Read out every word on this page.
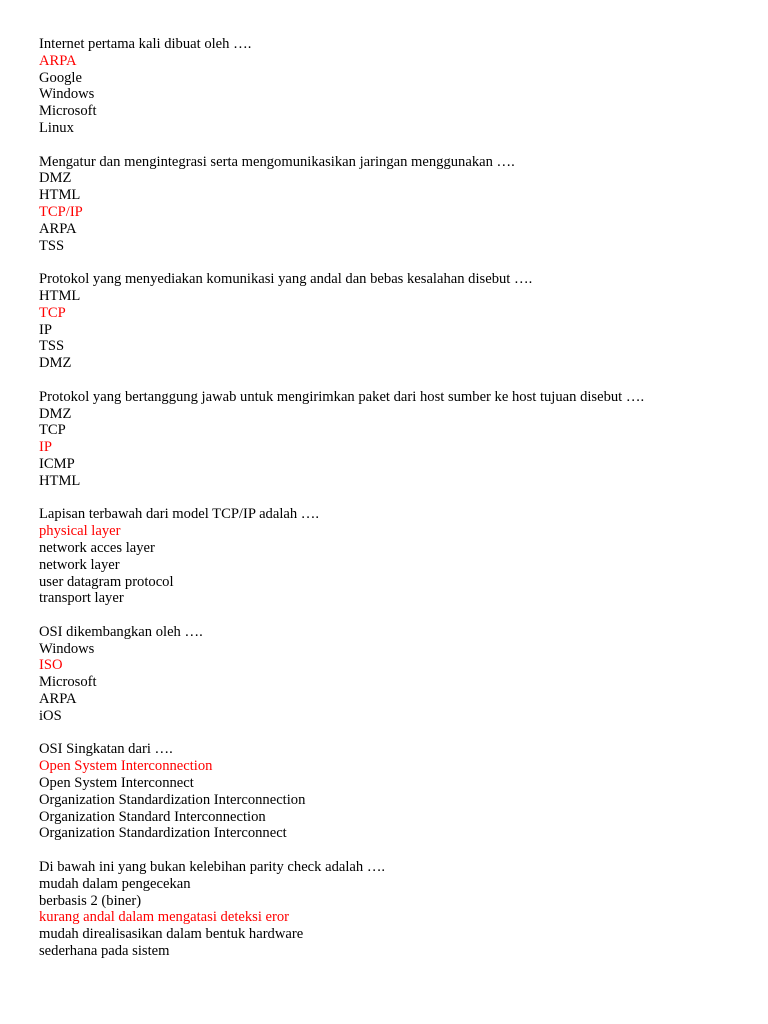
Internet pertama kali dibuat oleh ….
ARPA
Google
Windows
Microsoft
Linux
Mengatur dan mengintegrasi serta mengomunikasikan jaringan menggunakan ….
DMZ
HTML
TCP/IP
ARPA
TSS
Protokol yang menyediakan komunikasi yang andal dan bebas kesalahan disebut ….
HTML
TCP
IP
TSS
DMZ
Protokol yang bertanggung jawab untuk mengirimkan paket dari host sumber ke host tujuan disebut ….
DMZ
TCP
IP
ICMP
HTML
Lapisan terbawah dari model TCP/IP adalah ….
physical layer
network acces layer
network layer
user datagram protocol
transport layer
OSI dikembangkan oleh ….
Windows
ISO
Microsoft
ARPA
iOS
OSI Singkatan dari ….
Open System Interconnection
Open System Interconnect
Organization Standardization Interconnection
Organization Standard Interconnection
Organization Standardization Interconnect
Di bawah ini yang bukan kelebihan parity check adalah ….
mudah dalam pengecekan
berbasis 2 (biner)
kurang andal dalam mengatasi deteksi eror
mudah direalisasikan dalam bentuk hardware
sederhana pada sistem
